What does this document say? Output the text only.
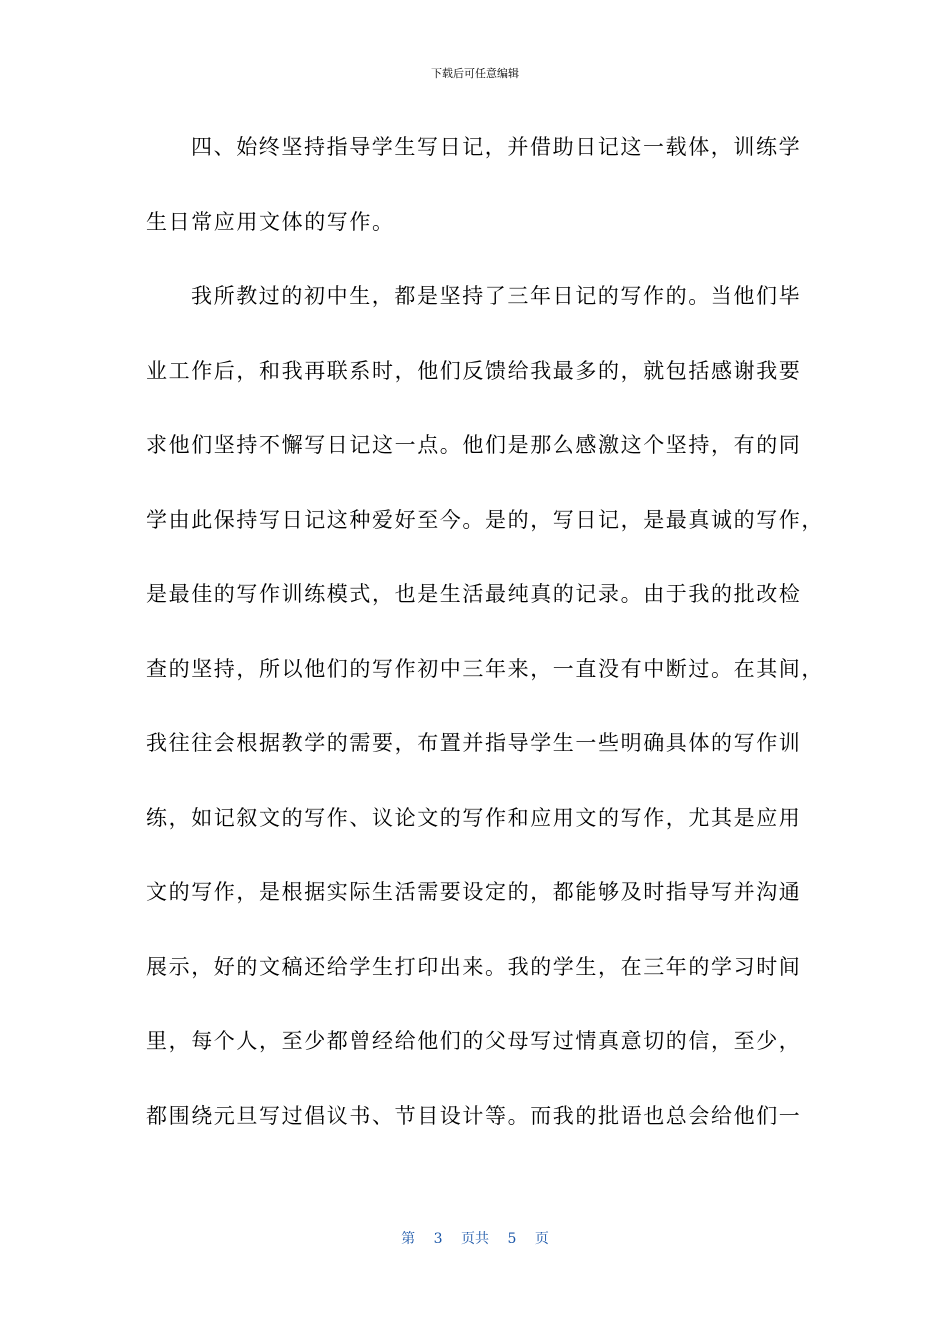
下载后可任意编辑
四、始终坚持指导学生写日记，并借助日记这一载体，训练学
生日常应用文体的写作。
我所教过的初中生，都是坚持了三年日记的写作的。当他们毕
业工作后，和我再联系时，他们反馈给我最多的，就包括感谢我要
求他们坚持不懈写日记这一点。他们是那么感激这个坚持，有的同
学由此保持写日记这种爱好至今。是的，写日记，是最真诚的写作，
是最佳的写作训练模式，也是生活最纯真的记录。由于我的批改检
查的坚持，所以他们的写作初中三年来，一直没有中断过。在其间，
我往往会根据教学的需要，布置并指导学生一些明确具体的写作训
练，如记叙文的写作、议论文的写作和应用文的写作，尤其是应用
文的写作，是根据实际生活需要设定的，都能够及时指导写并沟通
展示，好的文稿还给学生打印出来。我的学生，在三年的学习时间
里，每个人，至少都曾经给他们的父母写过情真意切的信，至少，
都围绕元旦写过倡议书、节目设计等。而我的批语也总会给他们一
第 3 页共 5 页
